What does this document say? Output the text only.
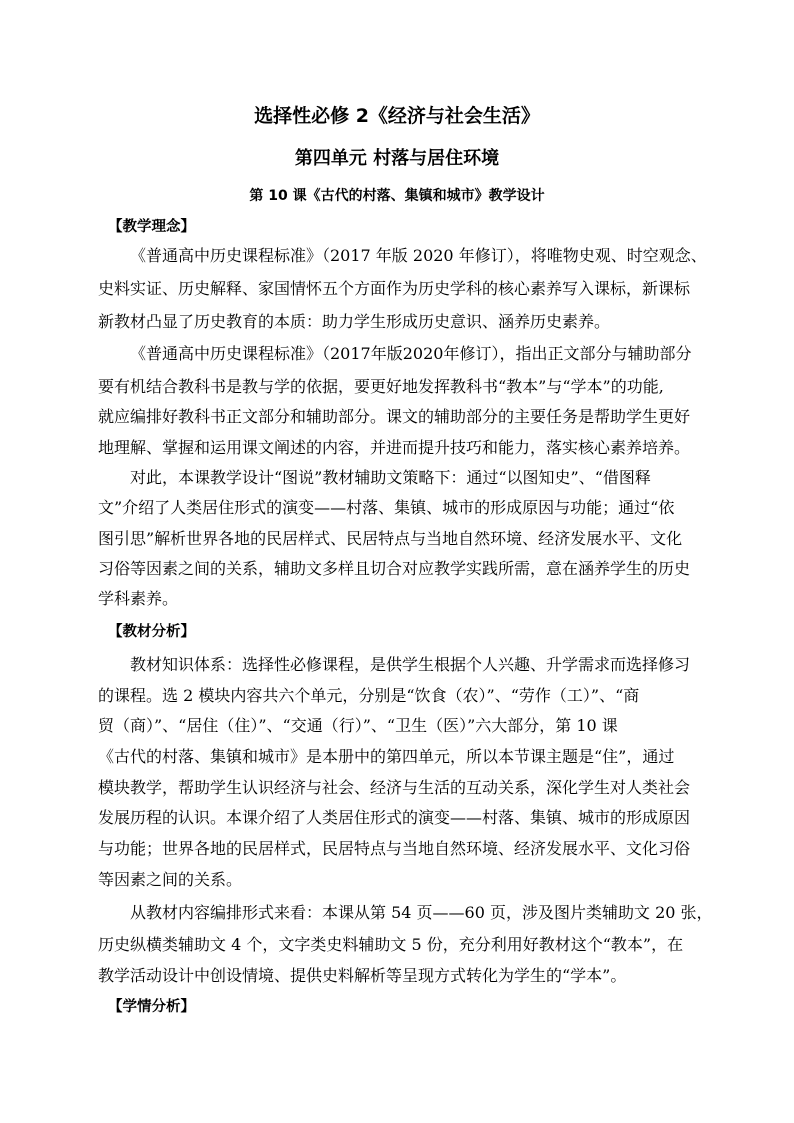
选择性必修 2《经济与社会生活》
第四单元 村落与居住环境
第 10 课《古代的村落、集镇和城市》教学设计
【教学理念】
《普通高中历史课程标准》（2017 年版 2020 年修订），将唯物史观、时空观念、
史料实证、历史解释、家国情怀五个方面作为历史学科的核心素养写入课标，新课标
新教材凸显了历史教育的本质：助力学生形成历史意识、涵养历史素养。
《普通高中历史课程标准》（2017年版2020年修订），指出正文部分与辅助部分
要有机结合教科书是教与学的依据，要更好地发挥教科书“教本”与“学本”的功能,
就应编排好教科书正文部分和辅助部分。课文的辅助部分的主要任务是帮助学生更好
地理解、掌握和运用课文阐述的内容，并进而提升技巧和能力，落实核心素养培养。
对此，本课教学设计“图说”教材辅助文策略下：通过“以图知史”、“借图释
文”介绍了人类居住形式的演变——村落、集镇、城市的形成原因与功能；通过“依
图引思”解析世界各地的民居样式、民居特点与当地自然环境、经济发展水平、文化
习俗等因素之间的关系，辅助文多样且切合对应教学实践所需，意在涵养学生的历史
学科素养。
【教材分析】
教材知识体系：选择性必修课程，是供学生根据个人兴趣、升学需求而选择修习
的课程。选 2 模块内容共六个单元，分别是“饮食（农）”、“劳作（工）”、“商
贸（商）”、“居住（住）”、“交通（行）”、“卫生（医）”六大部分，第 10 课
《古代的村落、集镇和城市》是本册中的第四单元，所以本节课主题是“住”，通过
模块教学，帮助学生认识经济与社会、经济与生活的互动关系，深化学生对人类社会
发展历程的认识。本课介绍了人类居住形式的演变——村落、集镇、城市的形成原因
与功能；世界各地的民居样式，民居特点与当地自然环境、经济发展水平、文化习俗
等因素之间的关系。
从教材内容编排形式来看：本课从第 54 页——60 页，涉及图片类辅助文 20 张，
历史纵横类辅助文 4 个，文字类史料辅助文 5 份，充分利用好教材这个“教本”，在
教学活动设计中创设情境、提供史料解析等呈现方式转化为学生的“学本”。
【学情分析】
